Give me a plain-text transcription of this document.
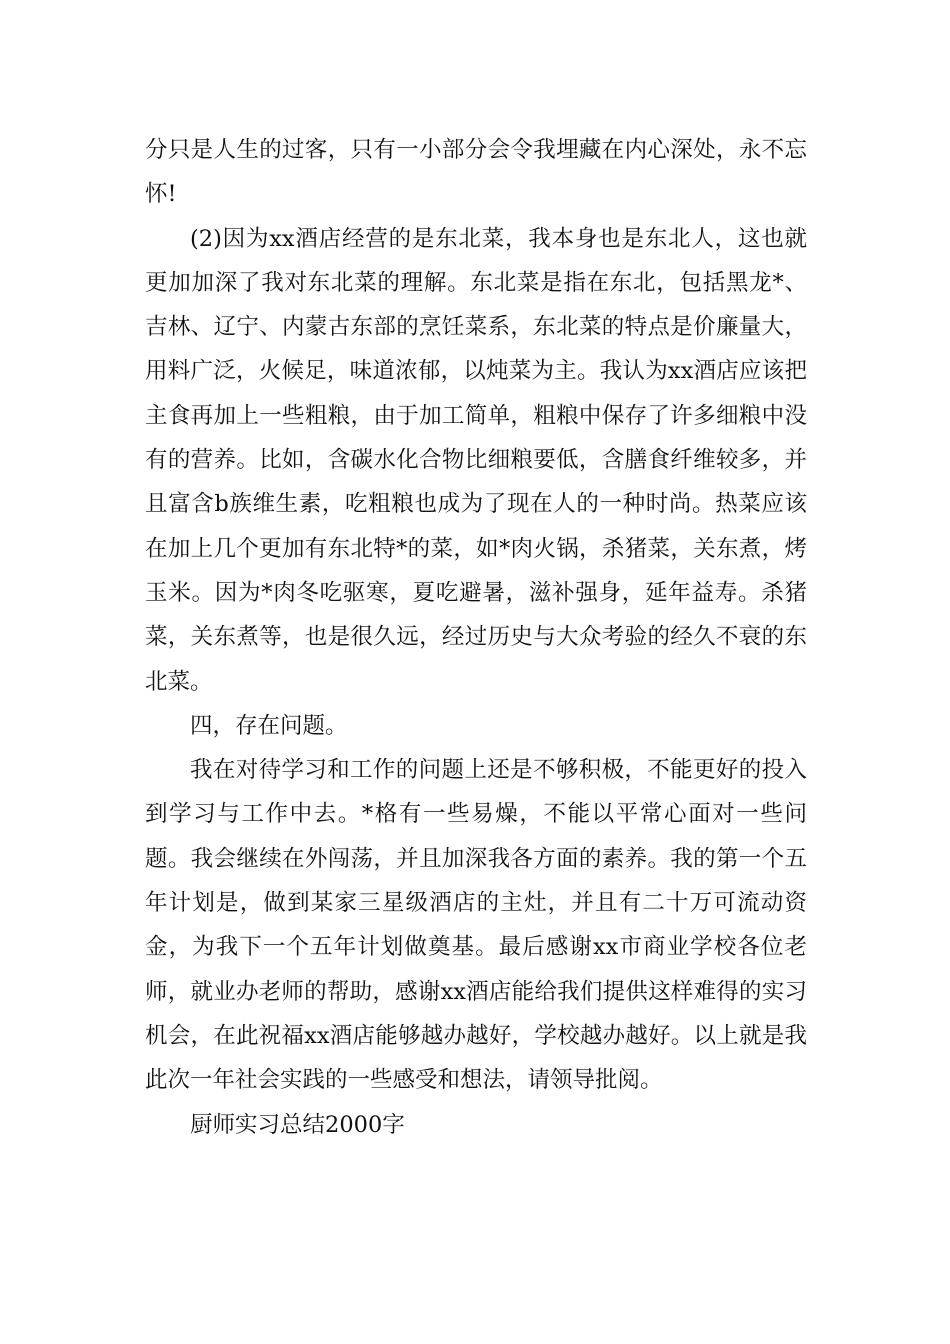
分只是人生的过客，只有一小部分会令我埋藏在内心深处，永不忘怀!

(2)因为xx酒店经营的是东北菜，我本身也是东北人，这也就更加加深了我对东北菜的理解。东北菜是指在东北，包括黑龙*、吉林、辽宁、内蒙古东部的烹饪菜系，东北菜的特点是价廉量大，用料广泛，火候足，味道浓郁，以炖菜为主。我认为xx酒店应该把主食再加上一些粗粮，由于加工简单，粗粮中保存了许多细粮中没有的营养。比如，含碳水化合物比细粮要低，含膳食纤维较多，并且富含b族维生素，吃粗粮也成为了现在人的一种时尚。热菜应该在加上几个更加有东北特*的菜，如*肉火锅，杀猪菜，关东煮，烤玉米。因为*肉冬吃驱寒，夏吃避暑，滋补强身，延年益寿。杀猪菜，关东煮等，也是很久远，经过历史与大众考验的经久不衰的东北菜。

四，存在问题。

我在对待学习和工作的问题上还是不够积极，不能更好的投入到学习与工作中去。*格有一些易燥，不能以平常心面对一些问题。我会继续在外闯荡，并且加深我各方面的素养。我的第一个五年计划是，做到某家三星级酒店的主灶，并且有二十万可流动资金，为我下一个五年计划做奠基。最后感谢xx市商业学校各位老师，就业办老师的帮助，感谢xx酒店能给我们提供这样难得的实习机会，在此祝福xx酒店能够越办越好，学校越办越好。以上就是我此次一年社会实践的一些感受和想法，请领导批阅。

厨师实习总结2000字
